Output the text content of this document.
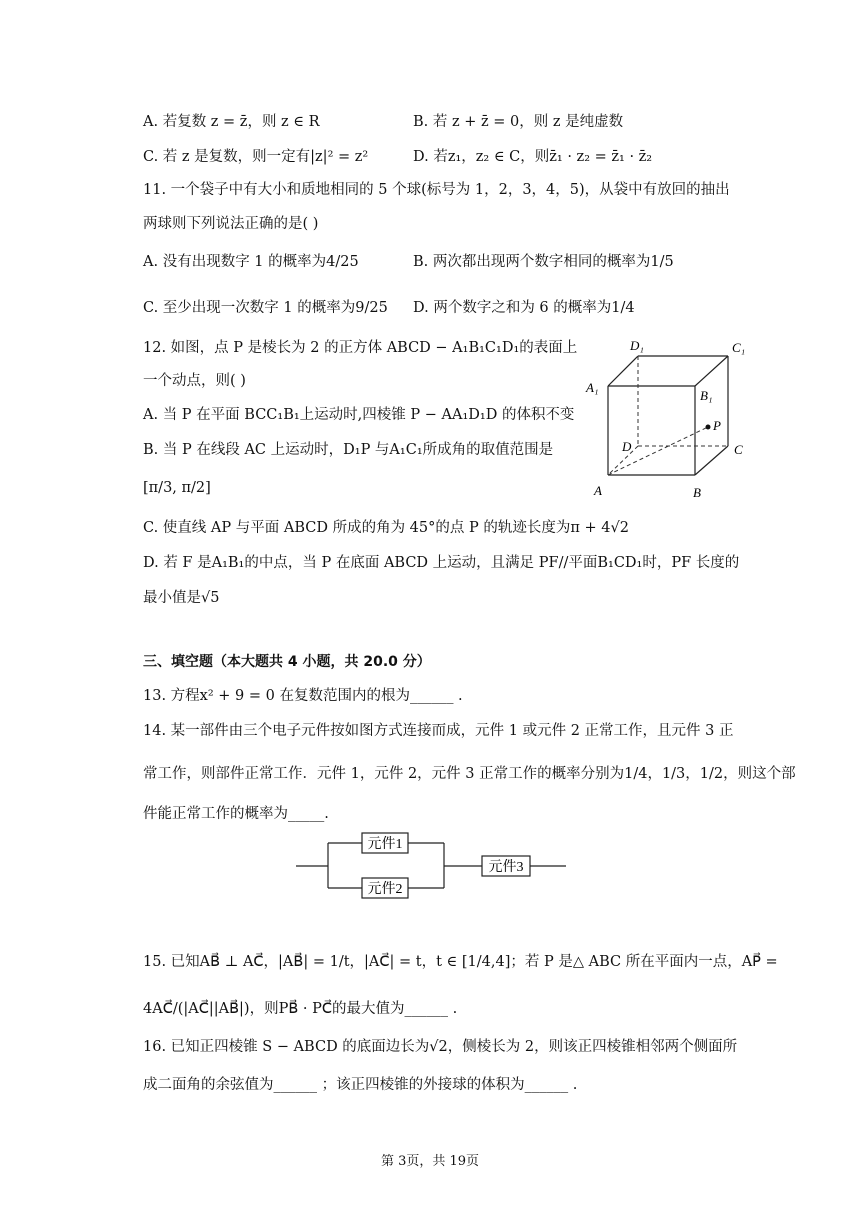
A. 若复数 z = z̄，则 z ∈ R	B. 若 z + z̄ = 0，则 z 是纯虚数
C. 若 z 是复数，则一定有|z|² = z²	D. 若z₁，z₂ ∈ C，则z̄₁ · z₂ = z̄₁ · z̄₂
11. 一个袋子中有大小和质地相同的 5 个球(标号为 1，2，3，4，5)，从袋中有放回的抽出
两球则下列说法正确的是( )
A. 没有出现数字 1 的概率为4/25	B. 两次都出现两个数字相同的概率为1/5
C. 至少出现一次数字 1 的概率为9/25 D. 两个数字之和为 6 的概率为1/4
12. 如图，点 P 是棱长为 2 的正方体 ABCD − A₁B₁C₁D₁的表面上
一个动点，则( )
A. 当 P 在平面 BCC₁B₁上运动时,四棱锥 P − AA₁D₁D 的体积不变
B. 当 P 在线段 AC 上运动时，D₁P 与A₁C₁所成角的取值范围是
[π/3, π/2]
C. 使直线 AP 与平面 ABCD 所成的角为 45°的点 P 的轨迹长度为π + 4√2
D. 若 F 是A₁B₁的中点，当 P 在底面 ABCD 上运动，且满足 PF//平面B₁CD₁时，PF 长度的
最小值是√5
D₁	C₁
A₁
B₁
P
D	C
A	B
三、填空题（本大题共 4 小题，共 20.0 分）
13. 方程x² + 9 = 0 在复数范围内的根为______ .
14. 某一部件由三个电子元件按如图方式连接而成，元件 1 或元件 2 正常工作，且元件 3 正
常工作，则部件正常工作．元件 1，元件 2，元件 3 正常工作的概率分别为1/4，1/3，1/2，则这个部
件能正常工作的概率为_____.
元件1
元件2
元件3
15. 已知AB⃗ ⊥ AC⃗，|AB⃗| = 1/t，|AC⃗| = t，t ∈ [1/4,4]；若 P 是△ ABC 所在平面内一点，AP⃗ =
4AC⃗/(|AC⃗||AB⃗|)，则PB⃗ · PC⃗的最大值为______ .
16. 已知正四棱锥 S − ABCD 的底面边长为√2，侧棱长为 2，则该正四棱锥相邻两个侧面所
成二面角的余弦值为______ ；该正四棱锥的外接球的体积为______ .
第 3页，共 19页
